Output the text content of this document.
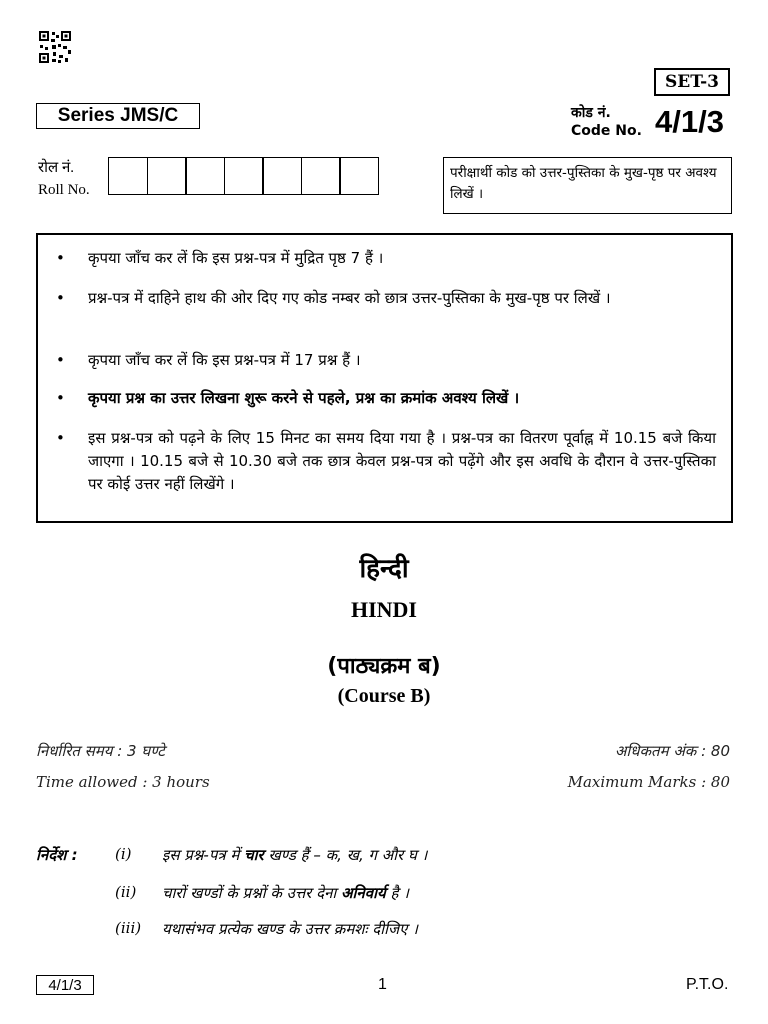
SET-3
Series JMS/C	कोड नं.
Code No. 4/1/3
रोल नं.
Roll No.
परीक्षार्थी कोड को उत्तर-पुस्तिका के मुख-पृष्ठ पर अवश्य लिखें ।
•	कृपया जाँच कर लें कि इस प्रश्न-पत्र में मुद्रित पृष्ठ 7 हैं ।
•	प्रश्न-पत्र में दाहिने हाथ की ओर दिए गए कोड नम्बर को छात्र उत्तर-पुस्तिका के मुख-पृष्ठ पर लिखें ।
•	कृपया जाँच कर लें कि इस प्रश्न-पत्र में 17 प्रश्न हैं ।
•	कृपया प्रश्न का उत्तर लिखना शुरू करने से पहले, प्रश्न का क्रमांक अवश्य लिखें ।
•	इस प्रश्न-पत्र को पढ़ने के लिए 15 मिनट का समय दिया गया है । प्रश्न-पत्र का वितरण पूर्वाह्न में 10.15 बजे किया जाएगा । 10.15 बजे से 10.30 बजे तक छात्र केवल प्रश्न-पत्र को पढ़ेंगे और इस अवधि के दौरान वे उत्तर-पुस्तिका पर कोई उत्तर नहीं लिखेंगे ।
हिन्दी
HINDI
(पाठ्यक्रम ब)
(Course B)
निर्धारित समय : 3 घण्टे	अधिकतम अंक : 80
Time allowed : 3 hours	Maximum Marks : 80
निर्देश : (i) इस प्रश्न-पत्र में चार खण्ड हैं – क, ख, ग और घ ।
(ii) चारों खण्डों के प्रश्नों के उत्तर देना अनिवार्य है ।
(iii) यथासंभव प्रत्येक खण्ड के उत्तर क्रमशः दीजिए ।
4/1/3	1	P.T.O.
